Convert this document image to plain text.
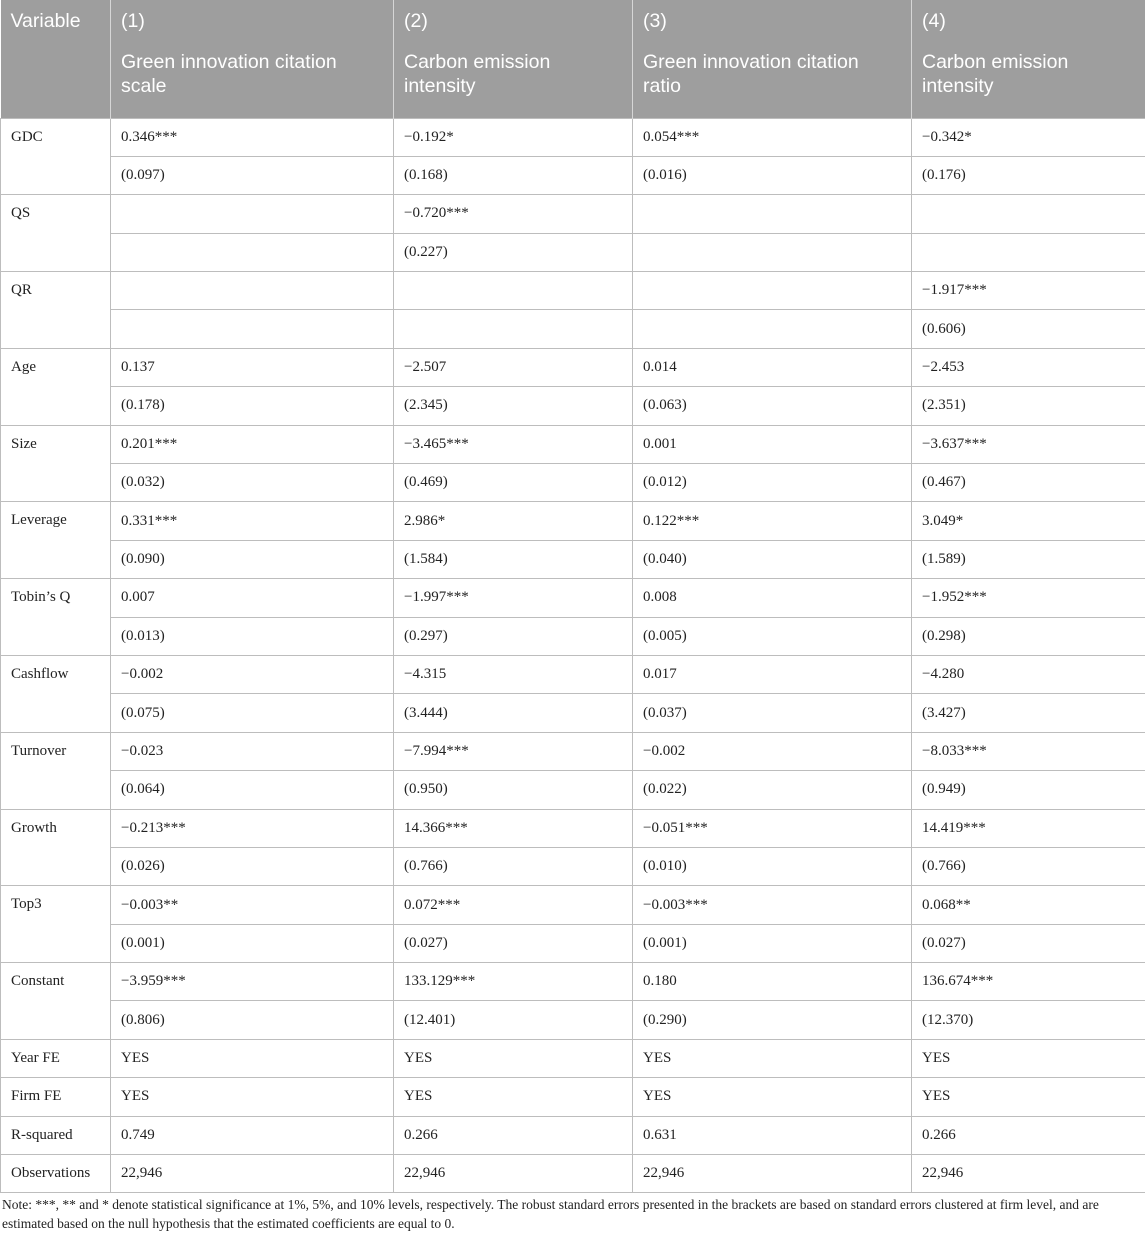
Variable	(1)	(2)	(3)	(4)
	Green innovation citation scale	Carbon emission intensity	Green innovation citation ratio	Carbon emission intensity
GDC	0.346***	−0.192*	0.054***	−0.342*
	(0.097)	(0.168)	(0.016)	(0.176)
QS		−0.720***		
		(0.227)		
QR				−1.917***
				(0.606)
Age	0.137	−2.507	0.014	−2.453
	(0.178)	(2.345)	(0.063)	(2.351)
Size	0.201***	−3.465***	0.001	−3.637***
	(0.032)	(0.469)	(0.012)	(0.467)
Leverage	0.331***	2.986*	0.122***	3.049*
	(0.090)	(1.584)	(0.040)	(1.589)
Tobin’s Q	0.007	−1.997***	0.008	−1.952***
	(0.013)	(0.297)	(0.005)	(0.298)
Cashflow	−0.002	−4.315	0.017	−4.280
	(0.075)	(3.444)	(0.037)	(3.427)
Turnover	−0.023	−7.994***	−0.002	−8.033***
	(0.064)	(0.950)	(0.022)	(0.949)
Growth	−0.213***	14.366***	−0.051***	14.419***
	(0.026)	(0.766)	(0.010)	(0.766)
Top3	−0.003**	0.072***	−0.003***	0.068**
	(0.001)	(0.027)	(0.001)	(0.027)
Constant	−3.959***	133.129***	0.180	136.674***
	(0.806)	(12.401)	(0.290)	(12.370)
Year FE	YES	YES	YES	YES
Firm FE	YES	YES	YES	YES
R-squared	0.749	0.266	0.631	0.266
Observations	22,946	22,946	22,946	22,946

Note: ***, ** and * denote statistical significance at 1%, 5%, and 10% levels, respectively. The robust standard errors presented in the brackets are based on standard errors clustered at firm level, and are estimated based on the null hypothesis that the estimated coefficients are equal to 0.
